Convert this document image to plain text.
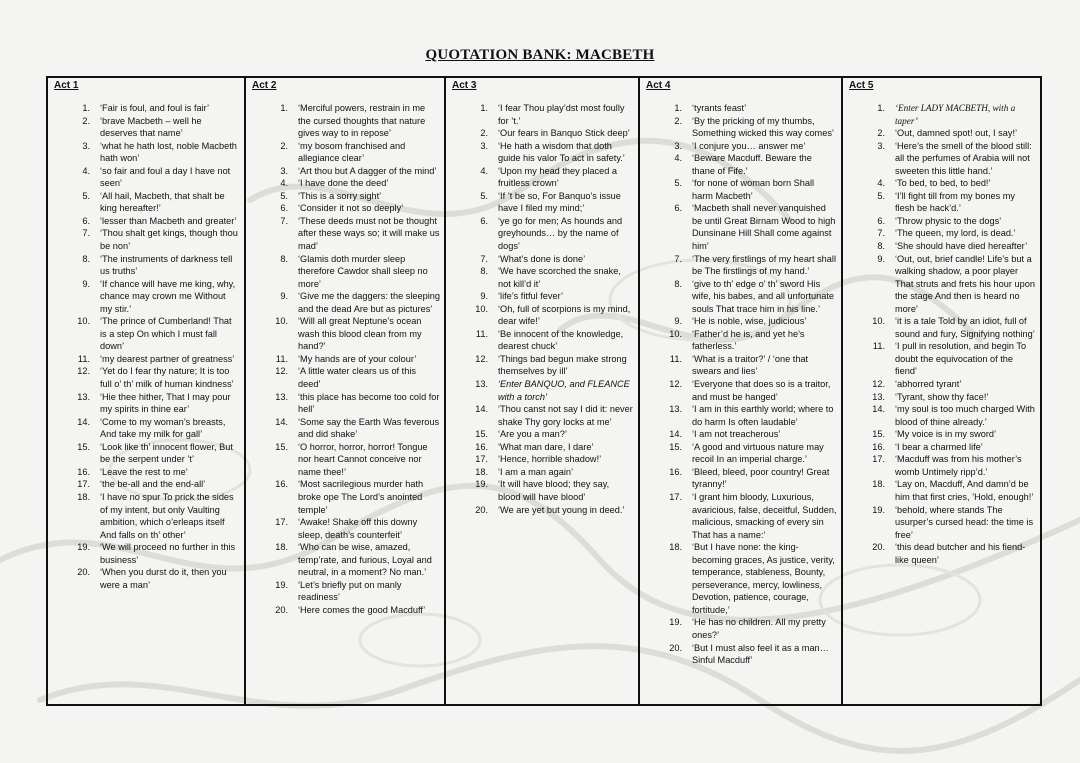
QUOTATION BANK: MACBETH
Act 1
1. ‘Fair is foul, and foul is fair’
2. ‘brave Macbeth – well he deserves that name’
3. ‘what he hath lost, noble Macbeth hath won’
4. ‘so fair and foul a day I have not seen’
5. ‘All hail, Macbeth, that shalt be king hereafter!’
6. ‘lesser than Macbeth and greater’
7. ‘Thou shalt get kings, though thou be non’
8. ‘The instruments of darkness tell us truths’
9. ‘If chance will have me king, why, chance may crown me Without my stir.’
10. ‘The prince of Cumberland! That is a step On which I must fall down’
11. ‘my dearest partner of greatness’
12. ‘Yet do I fear thy nature; It is too full o’ th’ milk of human kindness’
13. ‘Hie thee hither, That I may pour my spirits in thine ear’
14. ‘Come to my woman’s breasts, And take my milk for gall’
15. ‘Look like th’ innocent flower, But be the serpent under ’t’
16. ‘Leave the rest to me’
17. ‘the be-all and the end-all’
18. ‘I have no spur To prick the sides of my intent, but only Vaulting ambition, which o’erleaps itself And falls on th’ other’
19. ‘We will proceed no further in this business’
20. ‘When you durst do it, then you were a man’
Act 2
1. ‘Merciful powers, restrain in me the cursed thoughts that nature gives way to in repose’
2. ‘my bosom franchised and allegiance clear’
3. ‘Art thou but A dagger of the mind’
4. ‘I have done the deed’
5. ‘This is a sorry sight’
6. ‘Consider it not so deeply’
7. ‘These deeds must not be thought after these ways so; it will make us mad’
8. ‘Glamis doth murder sleep therefore Cawdor shall sleep no more’
9. ‘Give me the daggers: the sleeping and the dead Are but as pictures’
10. ‘Will all great Neptune’s ocean wash this blood clean from my hand?’
11. ‘My hands are of your colour’
12. ‘A little water clears us of this deed’
13. ‘this place has become too cold for hell’
14. ‘Some say the Earth Was feverous and did shake’
15. ‘O horror, horror, horror! Tongue nor heart Cannot conceive nor name thee!’
16. ‘Most sacrilegious murder hath broke ope The Lord’s anointed temple’
17. ‘Awake! Shake off this downy sleep, death’s counterfeit’
18. ‘Who can be wise, amazed, temp’rate, and furious, Loyal and neutral, in a moment? No man.’
19. ‘Let’s briefly put on manly readiness’
20. ‘Here comes the good Macduff’
Act 3
1. ‘I fear Thou play’dst most foully for ’t.’
2. ‘Our fears in Banquo Stick deep’
3. ‘He hath a wisdom that doth guide his valor To act in safety.’
4. ‘Upon my head they placed a fruitless crown’
5. ‘If ’t be so, For Banquo’s issue have I filed my mind;’
6. ‘ye go for men; As hounds and greyhounds… by the name of dogs’
7. ‘What’s done is done’
8. ‘We have scorched the snake, not kill’d it’
9. ‘life’s fitful fever’
10. ‘Oh, full of scorpions is my mind, dear wife!’
11. ‘Be innocent of the knowledge, dearest chuck’
12. ‘Things bad begun make strong themselves by ill’
13. ‘Enter BANQUO, and FLEANCE with a torch’
14. ‘Thou canst not say I did it: never shake Thy gory locks at me’
15. ‘Are you a man?’
16. ‘What man dare, I dare’
17. ‘Hence, horrible shadow!’
18. ‘I am a man again’
19. ‘It will have blood; they say, blood will have blood’
20. ‘We are yet but young in deed.’
Act 4
1. ‘tyrants feast’
2. ‘By the pricking of my thumbs, Something wicked this way comes’
3. ‘I conjure you… answer me’
4. ‘Beware Macduff. Beware the thane of Fife.’
5. ‘for none of woman born Shall harm Macbeth’
6. ‘Macbeth shall never vanquished be until Great Birnam Wood to high Dunsinane Hill Shall come against him’
7. ‘The very firstlings of my heart shall be The firstlings of my hand.’
8. ‘give to th’ edge o’ th’ sword His wife, his babes, and all unfortunate souls That trace him in his line.’
9. ‘He is noble, wise, judicious’
10. ‘Father’d he is, and yet he’s fatherless.’
11. ‘What is a traitor?’ / ‘one that swears and lies’
12. ‘Everyone that does so is a traitor, and must be hanged’
13. ‘I am in this earthly world; where to do harm Is often laudable’
14. ‘I am not treacherous’
15. ‘A good and virtuous nature may recoil In an imperial charge.’
16. ‘Bleed, bleed, poor country! Great tyranny!’
17. ‘I grant him bloody, Luxurious, avaricious, false, deceitful, Sudden, malicious, smacking of every sin That has a name:’
18. ‘But I have none: the king-becoming graces, As justice, verity, temperance, stableness, Bounty, perseverance, mercy, lowliness, Devotion, patience, courage, fortitude,’
19. ‘He has no children. All my pretty ones?’
20. ‘But I must also feel it as a man… Sinful Macduff’
Act 5
1. ‘Enter LADY MACBETH, with a taper’
2. ‘Out, damned spot! out, I say!’
3. ‘Here’s the smell of the blood still: all the perfumes of Arabia will not sweeten this little hand.’
4. ‘To bed, to bed, to bed!’
5. ‘I’ll fight till from my bones my flesh be hack’d.’
6. ‘Throw physic to the dogs’
7. ‘The queen, my lord, is dead.’
8. ‘She should have died hereafter’
9. ‘Out, out, brief candle! Life’s but a walking shadow, a poor player That struts and frets his hour upon the stage And then is heard no more’
10. ‘it is a tale Told by an idiot, full of sound and fury, Signifying nothing’
11. ‘I pull in resolution, and begin To doubt the equivocation of the fiend’
12. ‘abhorred tyrant’
13. ‘Tyrant, show thy face!’
14. ‘my soul is too much charged With blood of thine already.’
15. ‘My voice is in my sword’
16. ‘I bear a charmed life’
17. ‘Macduff was from his mother’s womb Untimely ripp’d.’
18. ‘Lay on, Macduff, And damn’d be him that first cries, ’Hold, enough!’
19. ‘behold, where stands The usurper’s cursed head: the time is free’
20. ‘this dead butcher and his fiend-like queen’
